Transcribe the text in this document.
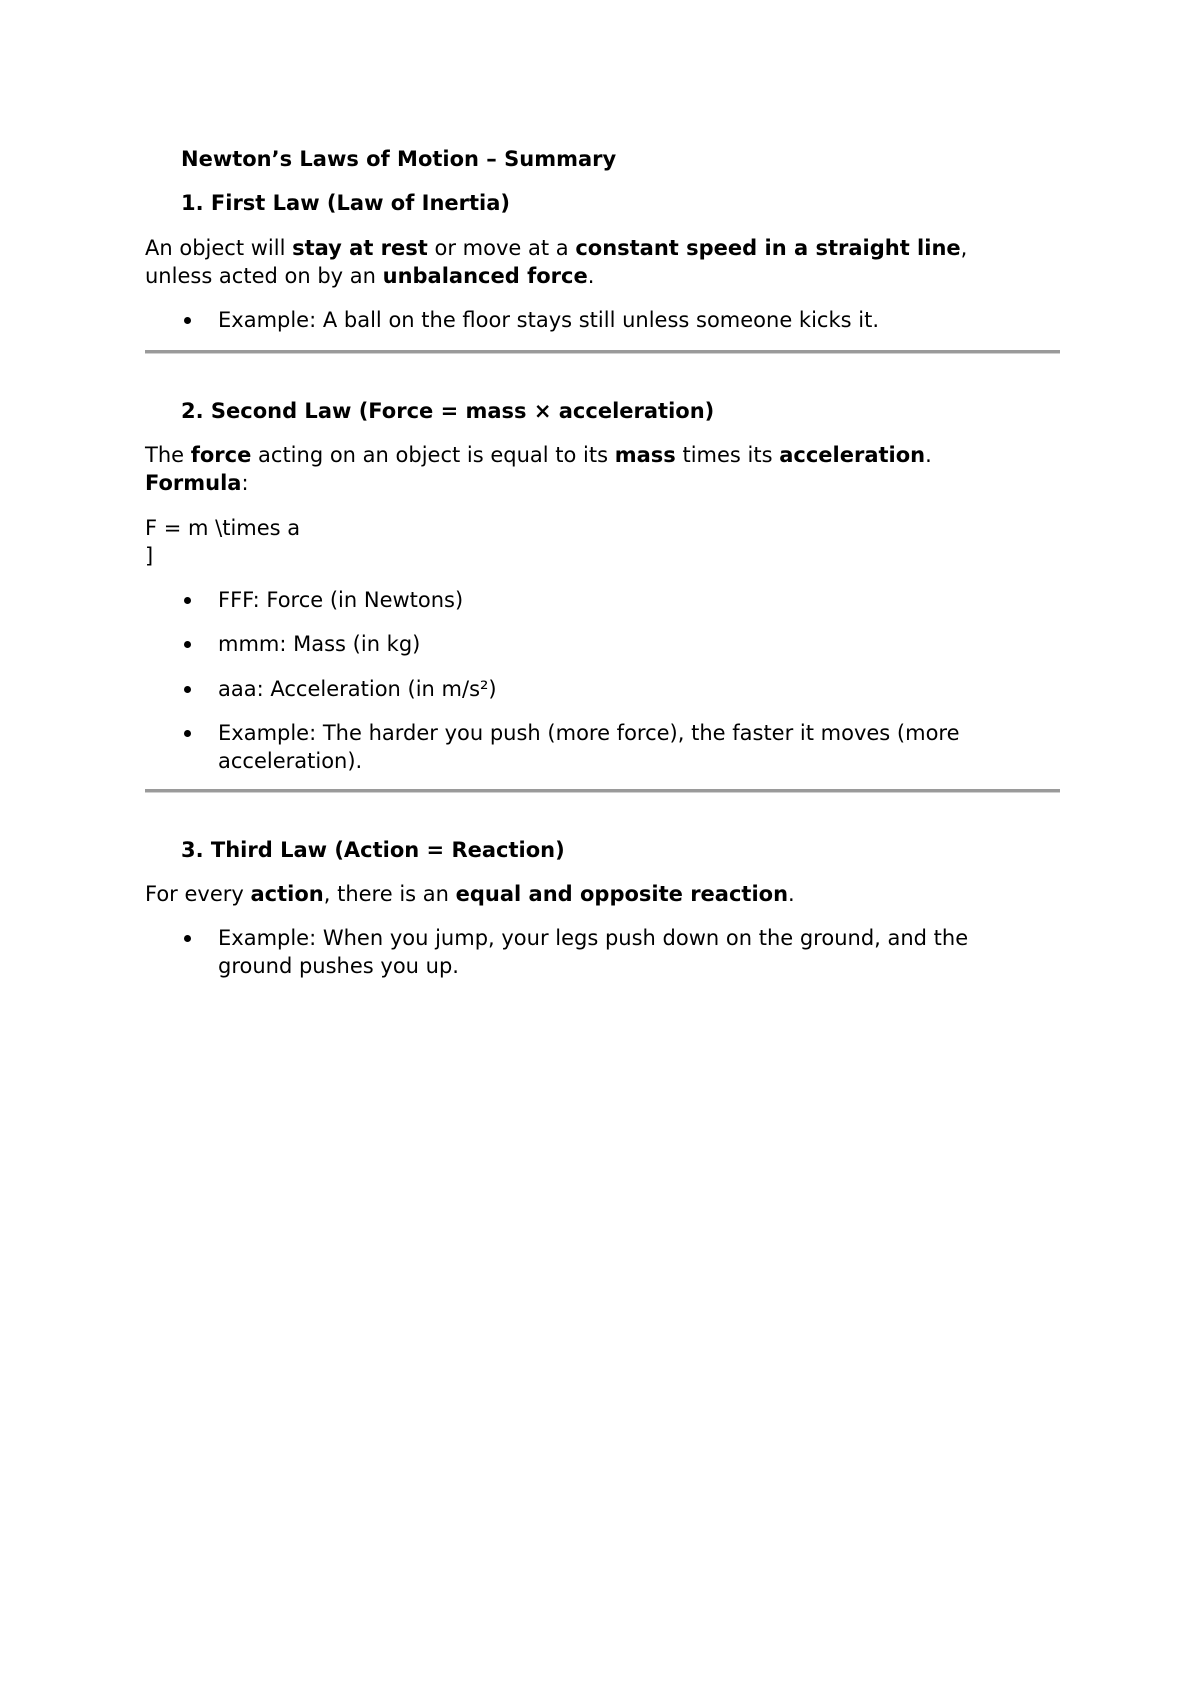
Newton’s Laws of Motion – Summary
1. First Law (Law of Inertia)
An object will stay at rest or move at a constant speed in a straight line,
unless acted on by an unbalanced force.
Example: A ball on the floor stays still unless someone kicks it.
2. Second Law (Force = mass × acceleration)
The force acting on an object is equal to its mass times its acceleration.
Formula:
F = m \times a
]
FFF: Force (in Newtons)
mmm: Mass (in kg)
aaa: Acceleration (in m/s²)
Example: The harder you push (more force), the faster it moves (more
acceleration).
3. Third Law (Action = Reaction)
For every action, there is an equal and opposite reaction.
Example: When you jump, your legs push down on the ground, and the
ground pushes you up.
